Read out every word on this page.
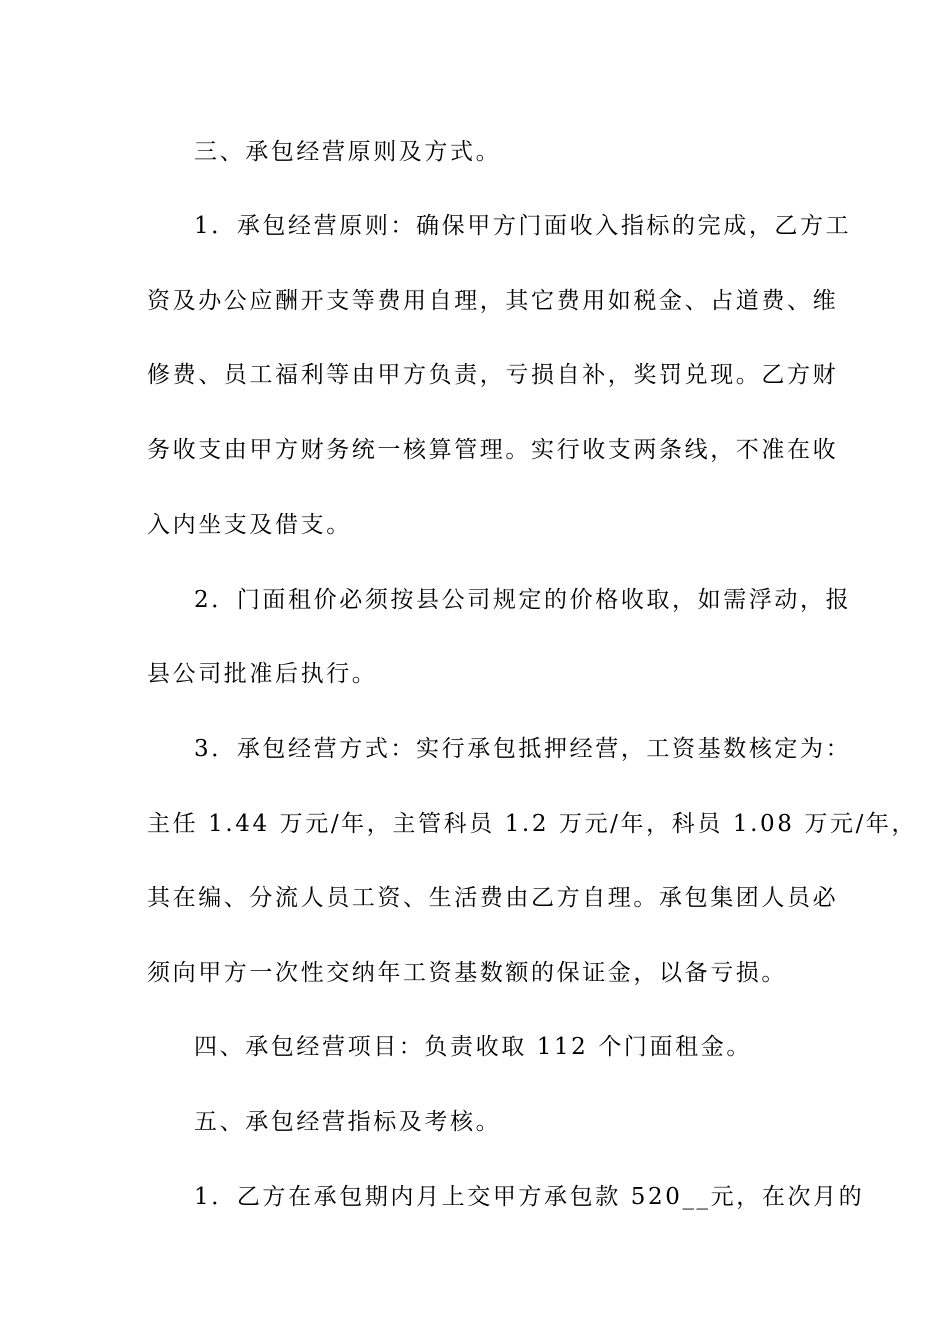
三、承包经营原则及方式。
1．承包经营原则：确保甲方门面收入指标的完成，乙方工
资及办公应酬开支等费用自理，其它费用如税金、占道费、维
修费、员工福利等由甲方负责，亏损自补，奖罚兑现。乙方财
务收支由甲方财务统一核算管理。实行收支两条线，不准在收
入内坐支及借支。
2．门面租价必须按县公司规定的价格收取，如需浮动，报
县公司批准后执行。
3．承包经营方式：实行承包抵押经营，工资基数核定为：
主任 1.44 万元/年，主管科员 1.2 万元/年，科员 1.08 万元/年，
其在编、分流人员工资、生活费由乙方自理。承包集团人员必
须向甲方一次性交纳年工资基数额的保证金，以备亏损。
四、承包经营项目：负责收取 112 个门面租金。
五、承包经营指标及考核。
1．乙方在承包期内月上交甲方承包款 520__元，在次月的
